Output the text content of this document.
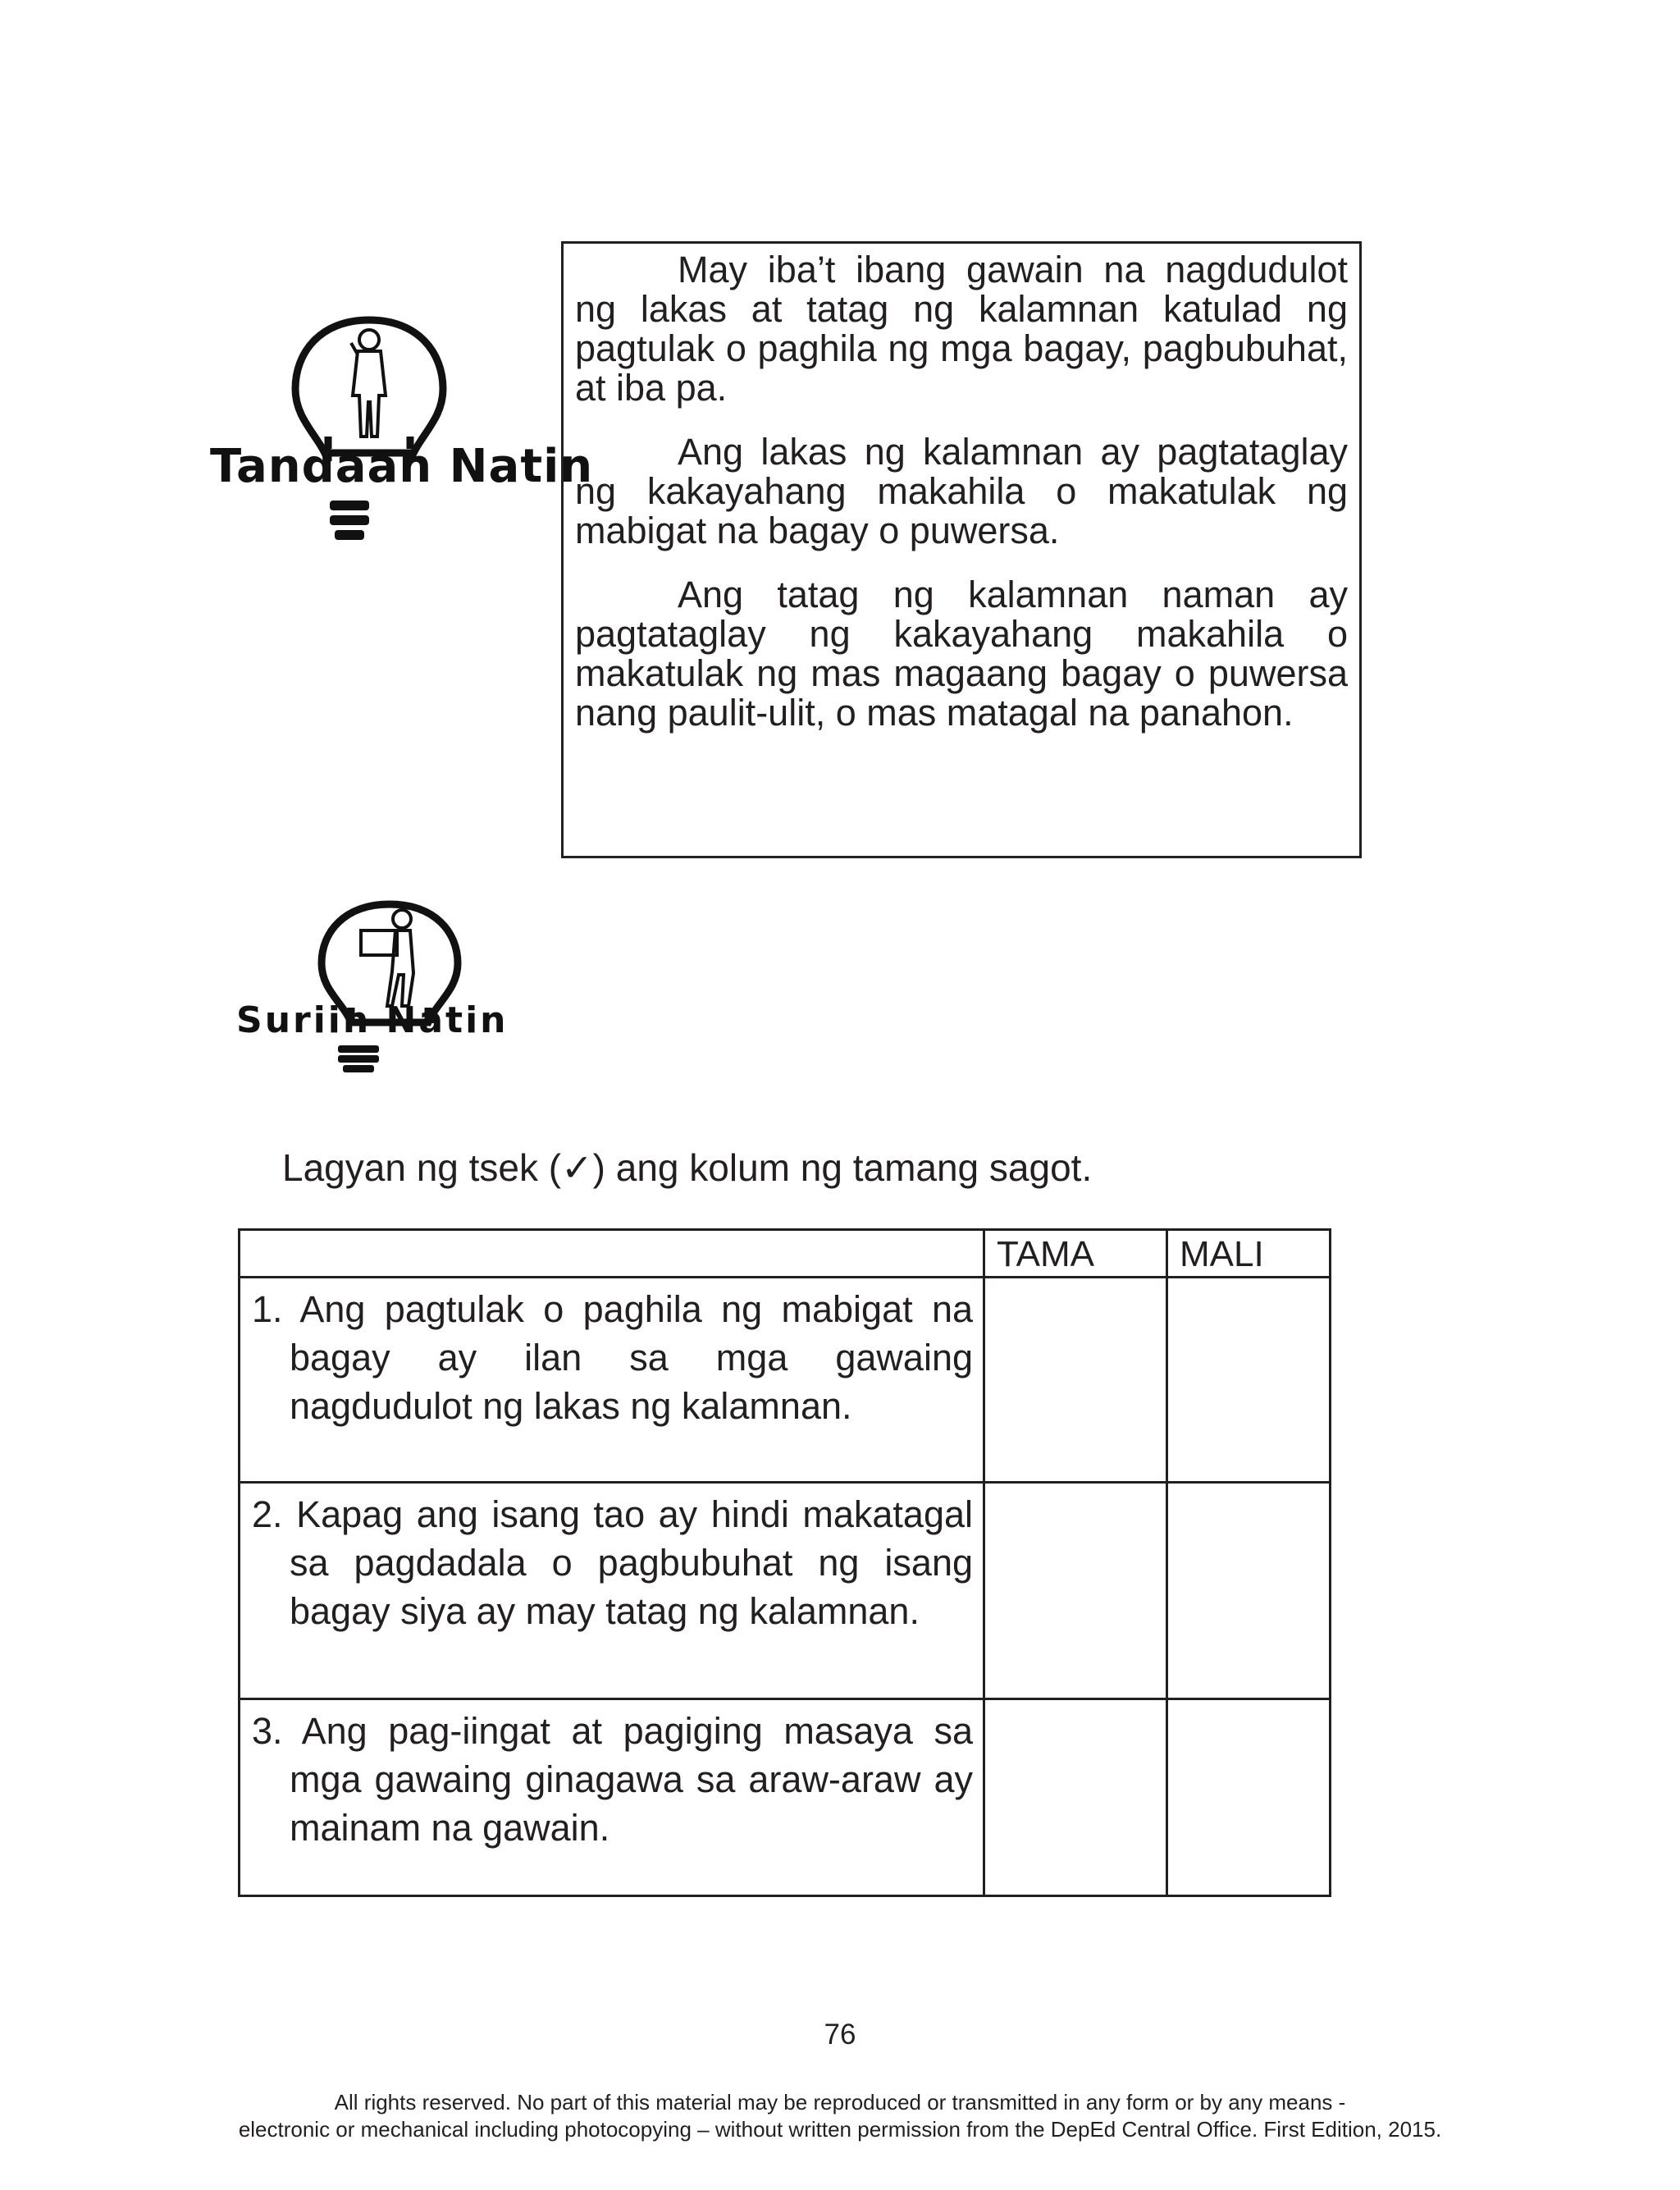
Tandaan Natin

May iba’t ibang gawain na nagdudulot ng lakas at tatag ng kalamnan katulad ng pagtulak o paghila ng mga bagay, pagbubuhat, at iba pa.

Ang lakas ng kalamnan ay pagtataglay ng kakayahang makahila o makatulak ng mabigat na bagay o puwersa.

Ang tatag ng kalamnan naman ay pagtataglay ng kakayahang makahila o makatulak ng mas magaang bagay o puwersa nang paulit-ulit, o mas matagal na panahon.

Suriin Natin
Lagyan ng tsek (✓) ang kolum ng tamang sagot.
	TAMA	MALI

1. Ang pagtulak o paghila ng mabigat na bagay ay ilan sa mga gawaing nagdudulot ng lakas ng kalamnan.		

2. Kapag ang isang tao ay hindi makatagal sa pagdadala o pagbubuhat ng isang bagay siya ay may tatag ng kalamnan.		

3. Ang pag-iingat at pagiging masaya sa mga gawaing ginagawa sa araw-araw ay mainam na gawain.		

76
All rights reserved. No part of this material may be reproduced or transmitted in any form or by any means -
electronic or mechanical including photocopying – without written permission from the DepEd Central Office. First Edition, 2015.
